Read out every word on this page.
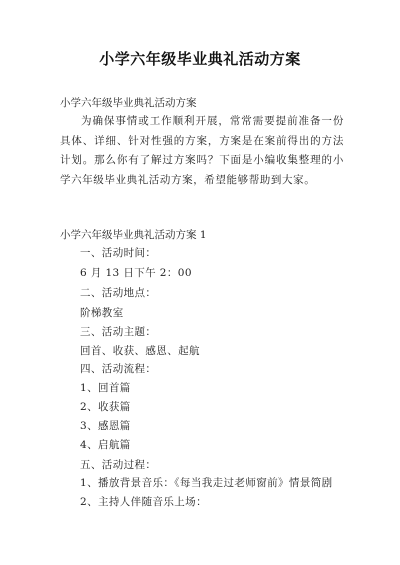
小学六年级毕业典礼活动方案
小学六年级毕业典礼活动方案
为确保事情或工作顺利开展，常常需要提前准备一份具体、详细、针对性强的方案，方案是在案前得出的方法计划。那么你有了解过方案吗？下面是小编收集整理的小学六年级毕业典礼活动方案，希望能够帮助到大家。
小学六年级毕业典礼活动方案 1
一、活动时间：
6 月 13 日下午 2：00
二、活动地点：
阶梯教室
三、活动主题：
回首、收获、感恩、起航
四、活动流程：
1、回首篇
2、收获篇
3、感恩篇
4、启航篇
五、活动过程：
1、播放背景音乐：《每当我走过老师窗前》情景简剧
2、主持人伴随音乐上场：
